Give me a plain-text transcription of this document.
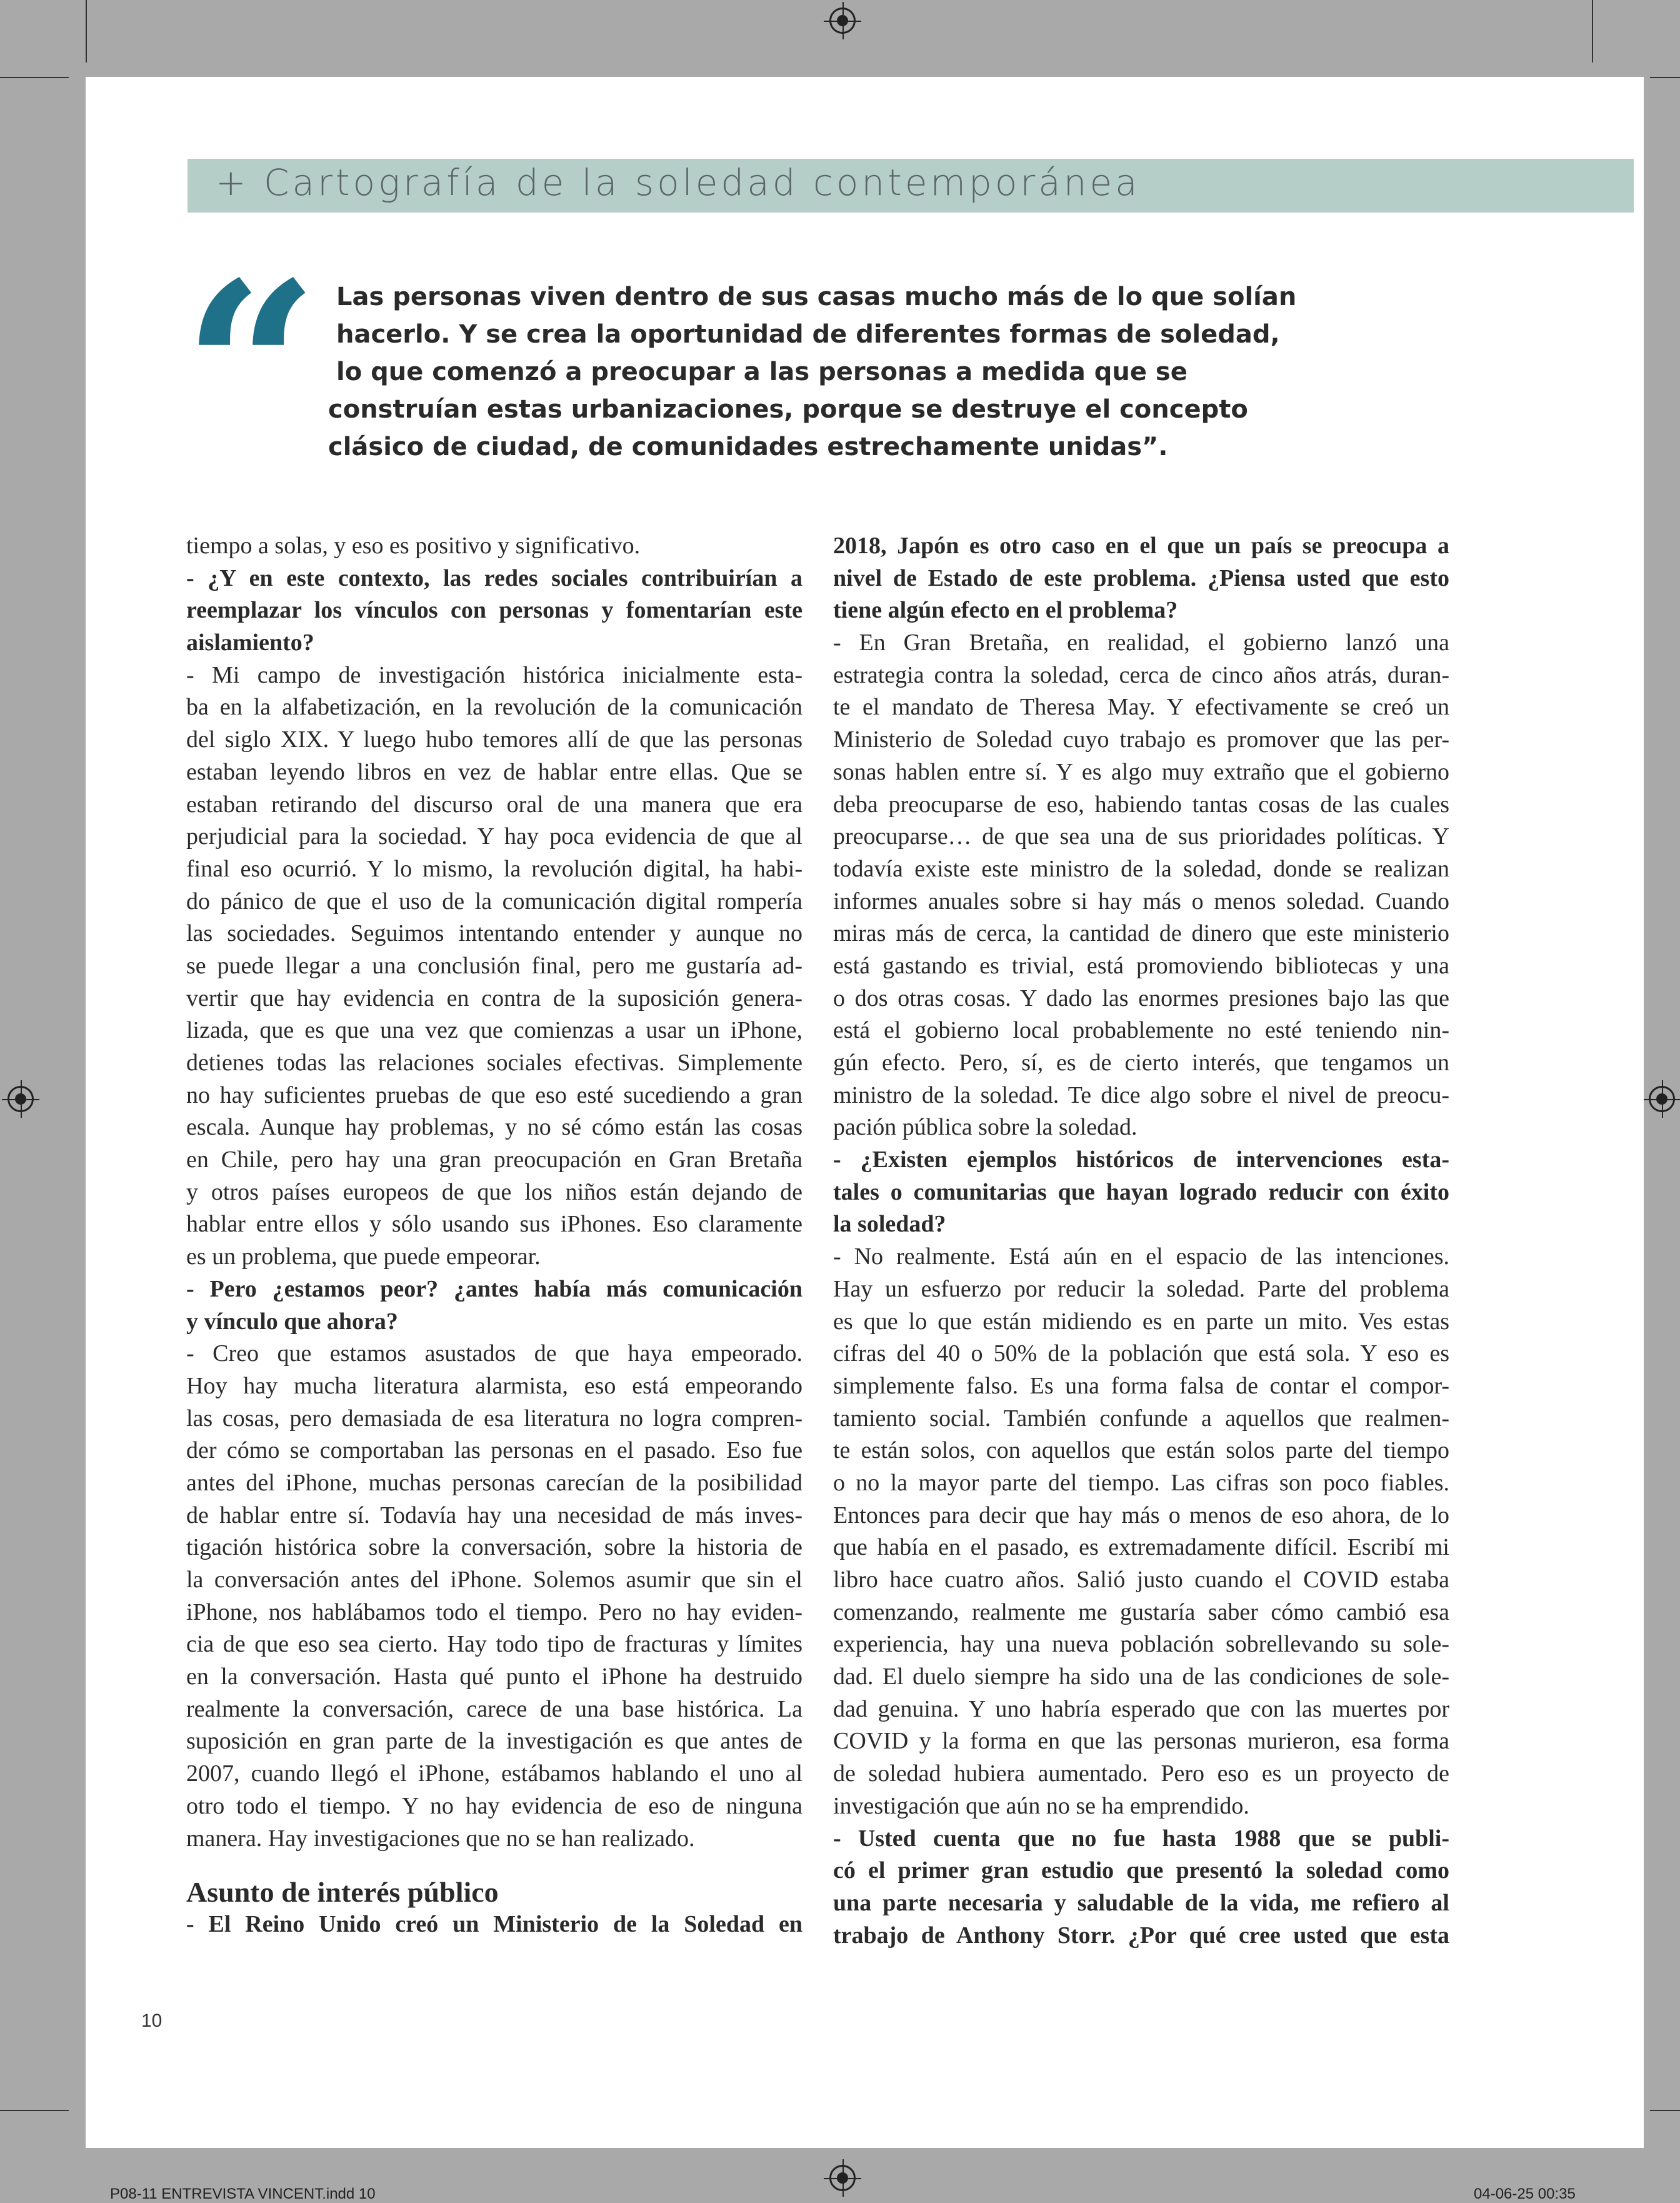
+ Cartografía de la soledad contemporánea
“ Las personas viven dentro de sus casas mucho más de lo que solían
hacerlo. Y se crea la oportunidad de diferentes formas de soledad,
lo que comenzó a preocupar a las personas a medida que se
construían estas urbanizaciones, porque se destruye el concepto
clásico de ciudad, de comunidades estrechamente unidas”.
tiempo a solas, y eso es positivo y significativo.
- ¿Y en este contexto, las redes sociales contribuirían a
reemplazar los vínculos con personas y fomentarían este
aislamiento?
- Mi campo de investigación histórica inicialmente esta-
ba en la alfabetización, en la revolución de la comunicación
del siglo XIX. Y luego hubo temores allí de que las personas
estaban leyendo libros en vez de hablar entre ellas. Que se
estaban retirando del discurso oral de una manera que era
perjudicial para la sociedad. Y hay poca evidencia de que al
final eso ocurrió. Y lo mismo, la revolución digital, ha habi-
do pánico de que el uso de la comunicación digital rompería
las sociedades. Seguimos intentando entender y aunque no
se puede llegar a una conclusión final, pero me gustaría ad-
vertir que hay evidencia en contra de la suposición genera-
lizada, que es que una vez que comienzas a usar un iPhone,
detienes todas las relaciones sociales efectivas. Simplemente
no hay suficientes pruebas de que eso esté sucediendo a gran
escala. Aunque hay problemas, y no sé cómo están las cosas
en Chile, pero hay una gran preocupación en Gran Bretaña
y otros países europeos de que los niños están dejando de
hablar entre ellos y sólo usando sus iPhones. Eso claramente
es un problema, que puede empeorar.
- Pero ¿estamos peor? ¿antes había más comunicación
y vínculo que ahora?
- Creo que estamos asustados de que haya empeorado.
Hoy hay mucha literatura alarmista, eso está empeorando
las cosas, pero demasiada de esa literatura no logra compren-
der cómo se comportaban las personas en el pasado. Eso fue
antes del iPhone, muchas personas carecían de la posibilidad
de hablar entre sí. Todavía hay una necesidad de más inves-
tigación histórica sobre la conversación, sobre la historia de
la conversación antes del iPhone. Solemos asumir que sin el
iPhone, nos hablábamos todo el tiempo. Pero no hay eviden-
cia de que eso sea cierto. Hay todo tipo de fracturas y límites
en la conversación. Hasta qué punto el iPhone ha destruido
realmente la conversación, carece de una base histórica. La
suposición en gran parte de la investigación es que antes de
2007, cuando llegó el iPhone, estábamos hablando el uno al
otro todo el tiempo. Y no hay evidencia de eso de ninguna
manera. Hay investigaciones que no se han realizado.
Asunto de interés público
- El Reino Unido creó un Ministerio de la Soledad en
2018, Japón es otro caso en el que un país se preocupa a
nivel de Estado de este problema. ¿Piensa usted que esto
tiene algún efecto en el problema?
- En Gran Bretaña, en realidad, el gobierno lanzó una
estrategia contra la soledad, cerca de cinco años atrás, duran-
te el mandato de Theresa May. Y efectivamente se creó un
Ministerio de Soledad cuyo trabajo es promover que las per-
sonas hablen entre sí. Y es algo muy extraño que el gobierno
deba preocuparse de eso, habiendo tantas cosas de las cuales
preocuparse… de que sea una de sus prioridades políticas. Y
todavía existe este ministro de la soledad, donde se realizan
informes anuales sobre si hay más o menos soledad. Cuando
miras más de cerca, la cantidad de dinero que este ministerio
está gastando es trivial, está promoviendo bibliotecas y una
o dos otras cosas. Y dado las enormes presiones bajo las que
está el gobierno local probablemente no esté teniendo nin-
gún efecto. Pero, sí, es de cierto interés, que tengamos un
ministro de la soledad. Te dice algo sobre el nivel de preocu-
pación pública sobre la soledad.
- ¿Existen ejemplos históricos de intervenciones esta-
tales o comunitarias que hayan logrado reducir con éxito
la soledad?
- No realmente. Está aún en el espacio de las intenciones.
Hay un esfuerzo por reducir la soledad. Parte del problema
es que lo que están midiendo es en parte un mito. Ves estas
cifras del 40 o 50% de la población que está sola. Y eso es
simplemente falso. Es una forma falsa de contar el compor-
tamiento social. También confunde a aquellos que realmen-
te están solos, con aquellos que están solos parte del tiempo
o no la mayor parte del tiempo. Las cifras son poco fiables.
Entonces para decir que hay más o menos de eso ahora, de lo
que había en el pasado, es extremadamente difícil. Escribí mi
libro hace cuatro años. Salió justo cuando el COVID estaba
comenzando, realmente me gustaría saber cómo cambió esa
experiencia, hay una nueva población sobrellevando su sole-
dad. El duelo siempre ha sido una de las condiciones de sole-
dad genuina. Y uno habría esperado que con las muertes por
COVID y la forma en que las personas murieron, esa forma
de soledad hubiera aumentado. Pero eso es un proyecto de
investigación que aún no se ha emprendido.
- Usted cuenta que no fue hasta 1988 que se publi-
có el primer gran estudio que presentó la soledad como
una parte necesaria y saludable de la vida, me refiero al
trabajo de Anthony Storr. ¿Por qué cree usted que esta
10
P08-11 ENTREVISTA VINCENT.indd 10	04-06-25 00:35
